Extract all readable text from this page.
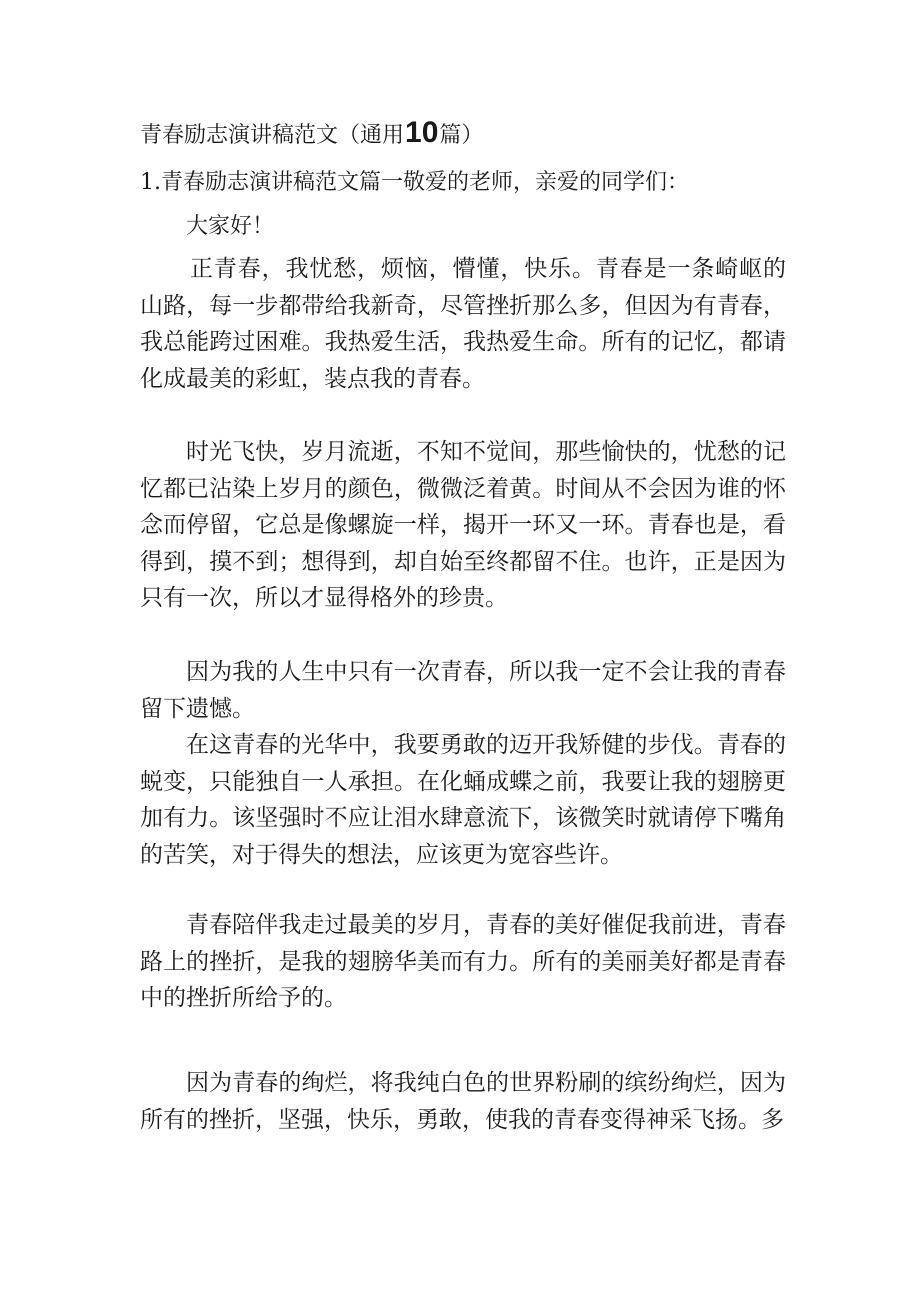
青春励志演讲稿范文（通用10篇）
1.青春励志演讲稿范文篇一敬爱的老师，亲爱的同学们：
大家好！

正青春，我忧愁，烦恼，懵懂，快乐。青春是一条崎岖的山路，每一步都带给我新奇，尽管挫折那么多，但因为有青春，我总能跨过困难。我热爱生活，我热爱生命。所有的记忆，都请化成最美的彩虹，装点我的青春。

时光飞快，岁月流逝，不知不觉间，那些愉快的，忧愁的记忆都已沾染上岁月的颜色，微微泛着黄。时间从不会因为谁的怀念而停留，它总是像螺旋一样，揭开一环又一环。青春也是，看得到，摸不到；想得到，却自始至终都留不住。也许，正是因为只有一次，所以才显得格外的珍贵。

因为我的人生中只有一次青春，所以我一定不会让我的青春留下遗憾。

在这青春的光华中，我要勇敢的迈开我矫健的步伐。青春的蜕变，只能独自一人承担。在化蛹成蝶之前，我要让我的翅膀更加有力。该坚强时不应让泪水肆意流下，该微笑时就请停下嘴角的苦笑，对于得失的想法，应该更为宽容些许。

青春陪伴我走过最美的岁月，青春的美好催促我前进，青春路上的挫折，是我的翅膀华美而有力。所有的美丽美好都是青春中的挫折所给予的。

因为青春的绚烂，将我纯白色的世界粉刷的缤纷绚烂，因为所有的挫折，坚强，快乐，勇敢，使我的青春变得神采飞扬。多
